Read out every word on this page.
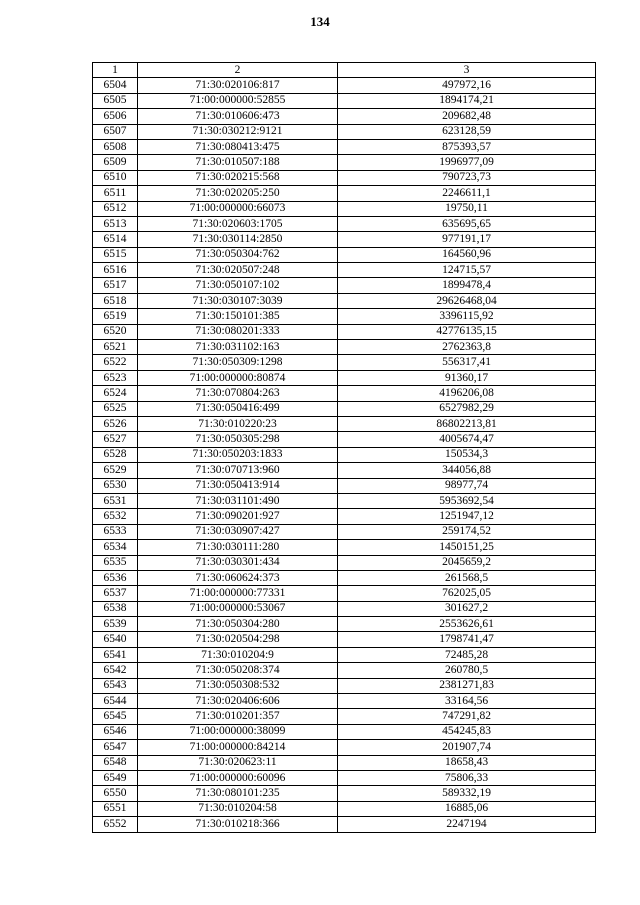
134
1	2	3
6504	71:30:020106:817	497972,16
6505	71:00:000000:52855	1894174,21
6506	71:30:010606:473	209682,48
6507	71:30:030212:9121	623128,59
6508	71:30:080413:475	875393,57
6509	71:30:010507:188	1996977,09
6510	71:30:020215:568	790723,73
6511	71:30:020205:250	2246611,1
6512	71:00:000000:66073	19750,11
6513	71:30:020603:1705	635695,65
6514	71:30:030114:2850	977191,17
6515	71:30:050304:762	164560,96
6516	71:30:020507:248	124715,57
6517	71:30:050107:102	1899478,4
6518	71:30:030107:3039	29626468,04
6519	71:30:150101:385	3396115,92
6520	71:30:080201:333	42776135,15
6521	71:30:031102:163	2762363,8
6522	71:30:050309:1298	556317,41
6523	71:00:000000:80874	91360,17
6524	71:30:070804:263	4196206,08
6525	71:30:050416:499	6527982,29
6526	71:30:010220:23	86802213,81
6527	71:30:050305:298	4005674,47
6528	71:30:050203:1833	150534,3
6529	71:30:070713:960	344056,88
6530	71:30:050413:914	98977,74
6531	71:30:031101:490	5953692,54
6532	71:30:090201:927	1251947,12
6533	71:30:030907:427	259174,52
6534	71:30:030111:280	1450151,25
6535	71:30:030301:434	2045659,2
6536	71:30:060624:373	261568,5
6537	71:00:000000:77331	762025,05
6538	71:00:000000:53067	301627,2
6539	71:30:050304:280	2553626,61
6540	71:30:020504:298	1798741,47
6541	71:30:010204:9	72485,28
6542	71:30:050208:374	260780,5
6543	71:30:050308:532	2381271,83
6544	71:30:020406:606	33164,56
6545	71:30:010201:357	747291,82
6546	71:00:000000:38099	454245,83
6547	71:00:000000:84214	201907,74
6548	71:30:020623:11	18658,43
6549	71:00:000000:60096	75806,33
6550	71:30:080101:235	589332,19
6551	71:30:010204:58	16885,06
6552	71:30:010218:366	2247194
